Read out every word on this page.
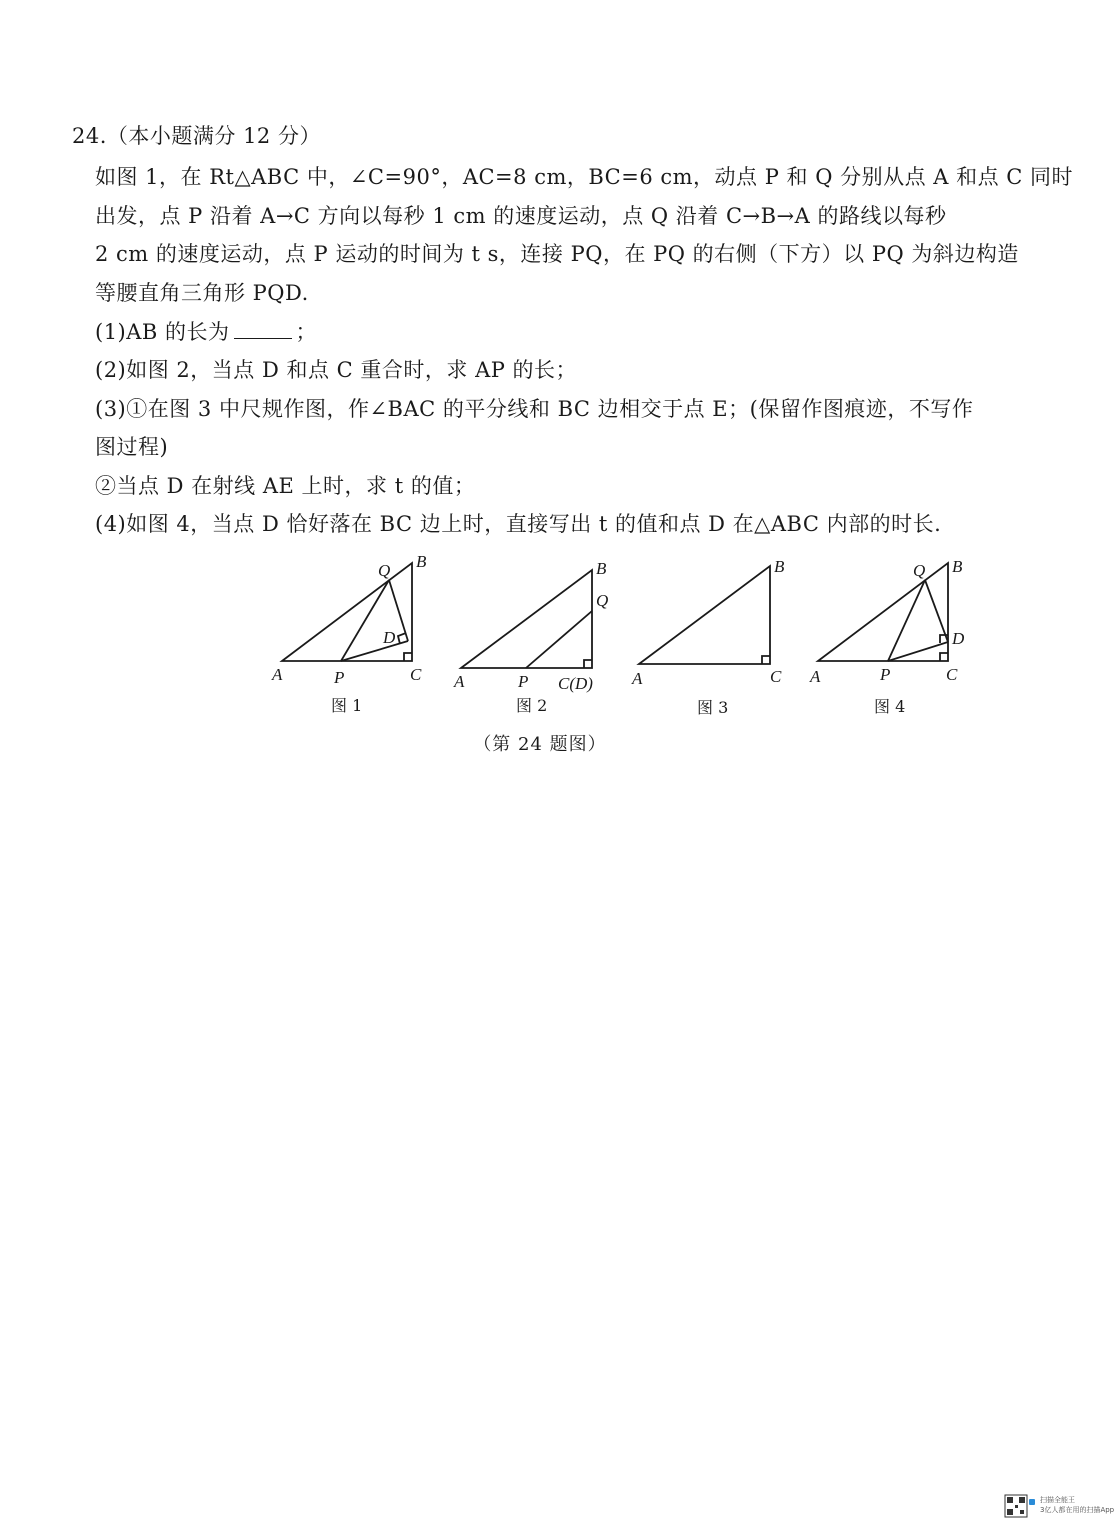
24.（本小题满分 12 分）
如图 1，在 Rt△ABC 中，∠C=90°，AC=8 cm，BC=6 cm，动点 P 和 Q 分别从点 A 和点 C 同时
出发，点 P 沿着 A→C 方向以每秒 1 cm 的速度运动，点 Q 沿着 C→B→A 的路线以每秒
2 cm 的速度运动，点 P 运动的时间为 t s，连接 PQ，在 PQ 的右侧（下方）以 PQ 为斜边构造
等腰直角三角形 PQD.
(1)AB 的长为	；
(2)如图 2，当点 D 和点 C 重合时，求 AP 的长；
(3)①在图 3 中尺规作图，作∠BAC 的平分线和 BC 边相交于点 E；(保留作图痕迹，不写作
图过程)
②当点 D 在射线 AE 上时，求 t 的值；
(4)如图 4，当点 D 恰好落在 BC 边上时，直接写出 t 的值和点 D 在△ABC 内部的时长.
A	P	C
B
Q
D
图 1
A	P C(D)
B
Q
图 2
A	C
B
图 3
A	P	C
B
Q
D
图 4
（第 24 题图）
扫描全能王
3亿人都在用的扫描App
